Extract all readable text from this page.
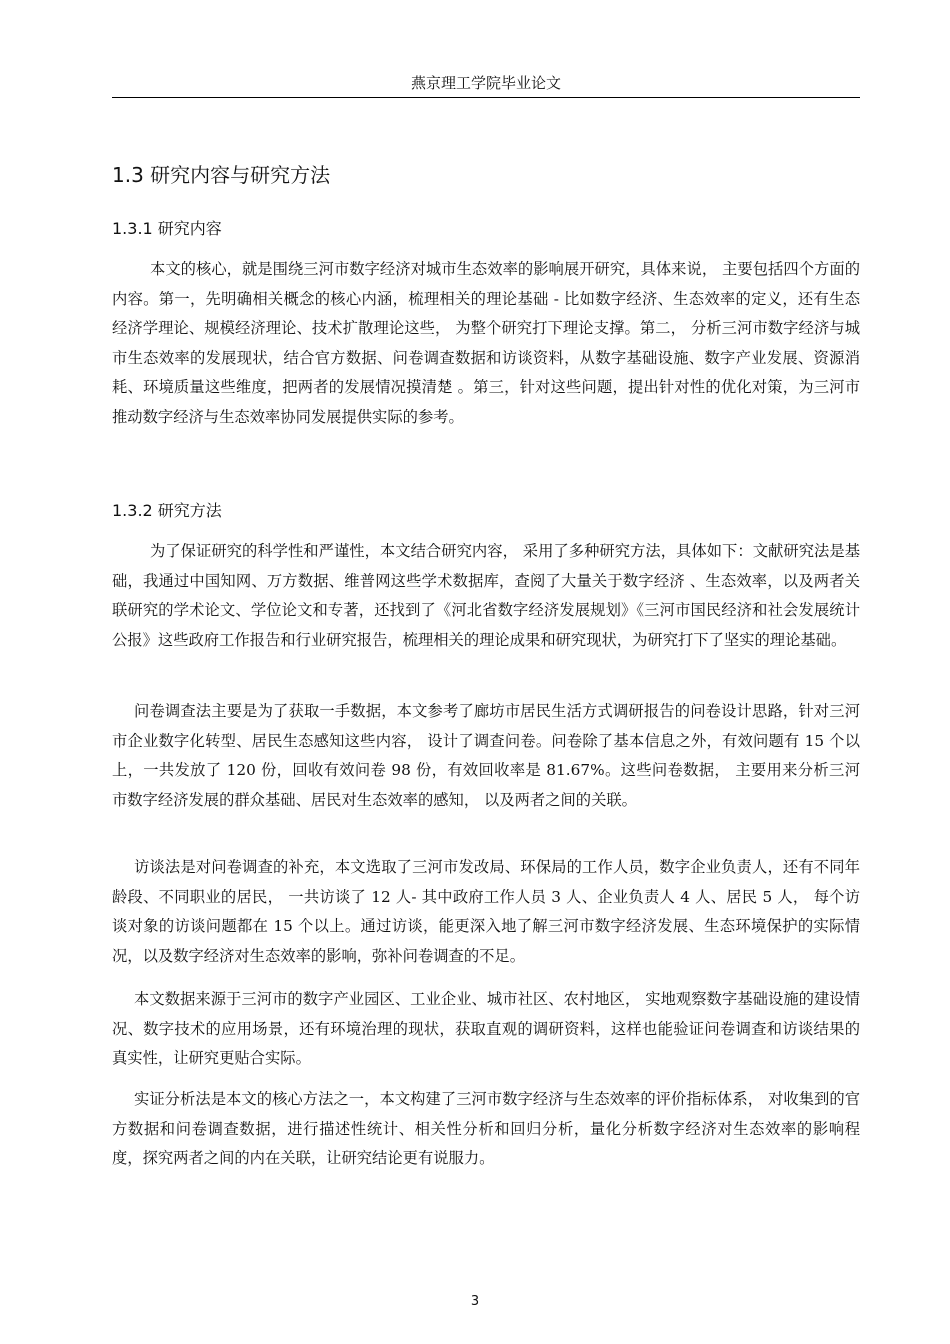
燕京理工学院毕业论文
1.3 研究内容与研究方法
1.3.1 研究内容

本文的核心，就是围绕三河市数字经济对城市生态效率的影响展开研究，具体来说， 主要包括四个方面的内容。第一，先明确相关概念的核心内涵，梳理相关的理论基础 - 比如数字经济、生态效率的定义，还有生态经济学理论、规模经济理论、技术扩散理论这些， 为整个研究打下理论支撑。第二， 分析三河市数字经济与城市生态效率的发展现状，结合官方数据、问卷调查数据和访谈资料，从数字基础设施、数字产业发展、资源消耗、环境质量这些维度，把两者的发展情况摸清楚 。第三，针对这些问题，提出针对性的优化对策，为三河市推动数字经济与生态效率协同发展提供实际的参考。

1.3.2 研究方法

为了保证研究的科学性和严谨性，本文结合研究内容， 采用了多种研究方法，具体如下：文献研究法是基础，我通过中国知网、万方数据、维普网这些学术数据库，查阅了大量关于数字经济 、生态效率，以及两者关联研究的学术论文、学位论文和专著，还找到了《河北省数字经济发展规划》《三河市国民经济和社会发展统计公报》这些政府工作报告和行业研究报告，梳理相关的理论成果和研究现状，为研究打下了坚实的理论基础。

问卷调查法主要是为了获取一手数据，本文参考了廊坊市居民生活方式调研报告的问卷设计思路，针对三河市企业数字化转型、居民生态感知这些内容， 设计了调查问卷。问卷除了基本信息之外，有效问题有 15 个以上，一共发放了 120 份，回收有效问卷 98 份，有效回收率是 81.67%。这些问卷数据， 主要用来分析三河市数字经济发展的群众基础、居民对生态效率的感知， 以及两者之间的关联。

访谈法是对问卷调查的补充，本文选取了三河市发改局、环保局的工作人员，数字企业负责人，还有不同年龄段、不同职业的居民， 一共访谈了 12 人- 其中政府工作人员 3 人、企业负责人 4 人、居民 5 人， 每个访谈对象的访谈问题都在 15 个以上。通过访谈，能更深入地了解三河市数字经济发展、生态环境保护的实际情况，以及数字经济对生态效率的影响，弥补问卷调查的不足。

本文数据来源于三河市的数字产业园区、工业企业、城市社区、农村地区， 实地观察数字基础设施的建设情况、数字技术的应用场景，还有环境治理的现状，获取直观的调研资料，这样也能验证问卷调查和访谈结果的真实性，让研究更贴合实际。

实证分析法是本文的核心方法之一，本文构建了三河市数字经济与生态效率的评价指标体系， 对收集到的官方数据和问卷调查数据，进行描述性统计、相关性分析和回归分析，量化分析数字经济对生态效率的影响程度，探究两者之间的内在关联，让研究结论更有说服力。

3
